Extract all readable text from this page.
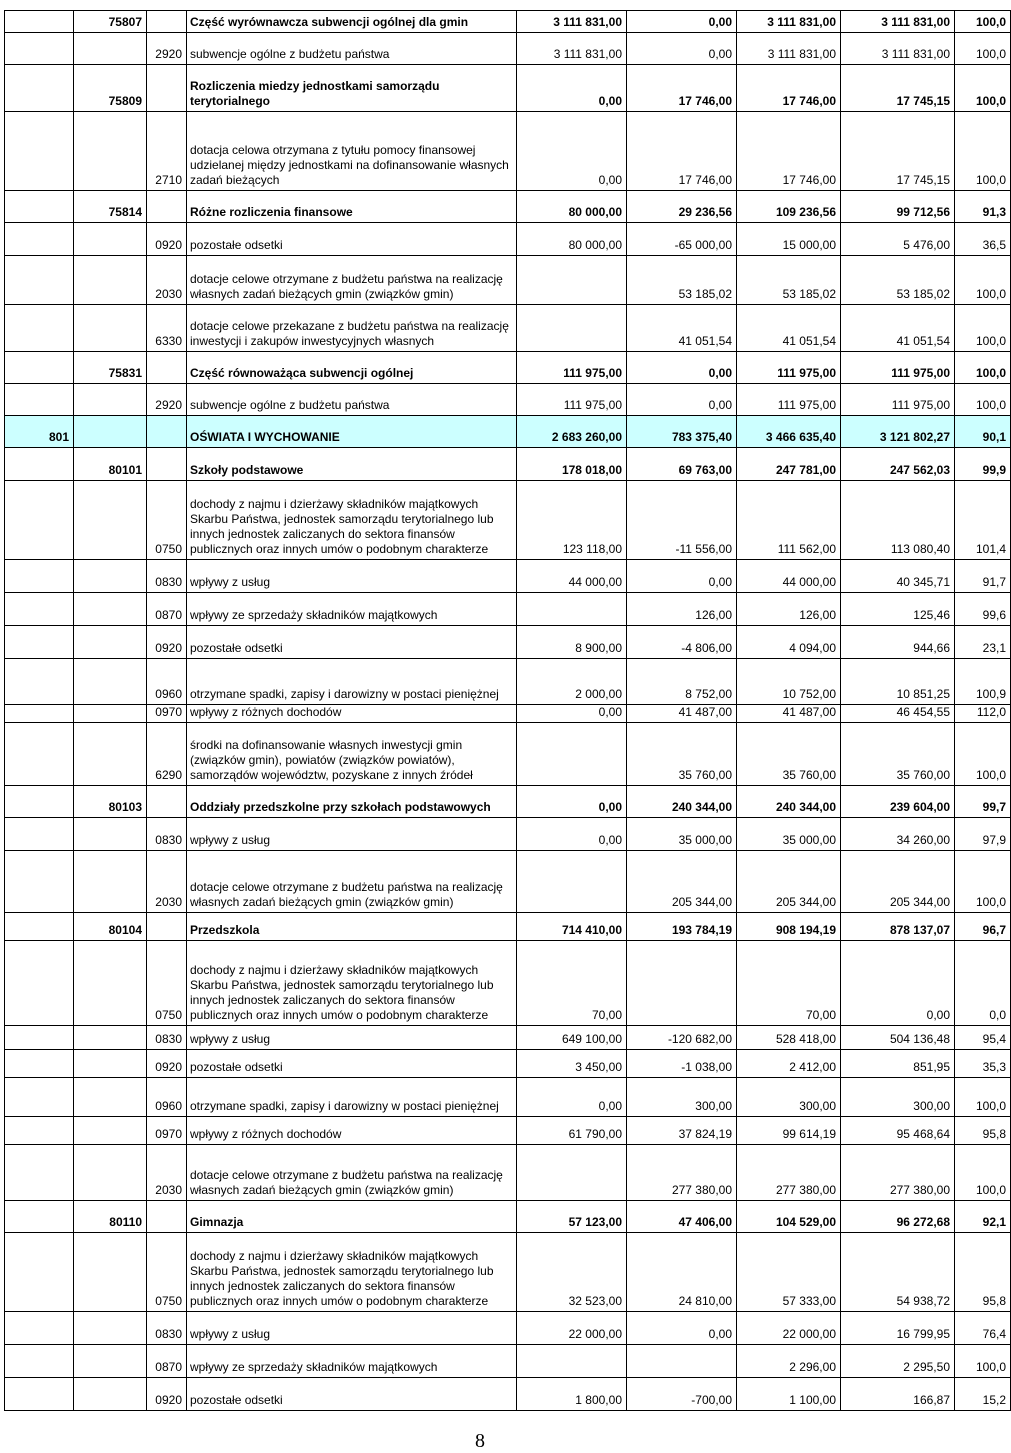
	75807		Część wyrównawcza subwencji ogólnej dla gmin	3 111 831,00	0,00	3 111 831,00	3 111 831,00	100,0
		2920	subwencje ogólne z budżetu państwa	3 111 831,00	0,00	3 111 831,00	3 111 831,00	100,0
	75809		Rozliczenia miedzy jednostkami samorządu terytorialnego	0,00	17 746,00	17 746,00	17 745,15	100,0
		2710	dotacja celowa otrzymana z tytułu pomocy finansowej udzielanej między jednostkami na dofinansowanie własnych zadań bieżących	0,00	17 746,00	17 746,00	17 745,15	100,0
	75814		Różne rozliczenia finansowe	80 000,00	29 236,56	109 236,56	99 712,56	91,3
		0920	pozostałe odsetki	80 000,00	-65 000,00	15 000,00	5 476,00	36,5
		2030	dotacje celowe otrzymane z budżetu państwa na realizację własnych zadań bieżących gmin (związków gmin)		53 185,02	53 185,02	53 185,02	100,0
		6330	dotacje celowe przekazane z budżetu państwa na realizację inwestycji i zakupów inwestycyjnych własnych		41 051,54	41 051,54	41 051,54	100,0
	75831		Część równoważąca subwencji ogólnej	111 975,00	0,00	111 975,00	111 975,00	100,0
		2920	subwencje ogólne z budżetu państwa	111 975,00	0,00	111 975,00	111 975,00	100,0
801			OŚWIATA I WYCHOWANIE	2 683 260,00	783 375,40	3 466 635,40	3 121 802,27	90,1
	80101		Szkoły podstawowe	178 018,00	69 763,00	247 781,00	247 562,03	99,9
		0750	dochody z najmu i dzierżawy składników majątkowych Skarbu Państwa, jednostek samorządu terytorialnego lub innych jednostek zaliczanych do sektora finansów publicznych oraz innych umów o podobnym charakterze	123 118,00	-11 556,00	111 562,00	113 080,40	101,4
		0830	wpływy z usług	44 000,00	0,00	44 000,00	40 345,71	91,7
		0870	wpływy ze sprzedaży składników majątkowych		126,00	126,00	125,46	99,6
		0920	pozostałe odsetki	8 900,00	-4 806,00	4 094,00	944,66	23,1
		0960	otrzymane spadki, zapisy i darowizny w postaci pieniężnej	2 000,00	8 752,00	10 752,00	10 851,25	100,9
		0970	wpływy z różnych dochodów	0,00	41 487,00	41 487,00	46 454,55	112,0
		6290	środki na dofinansowanie własnych inwestycji gmin (związków gmin), powiatów (związków powiatów), samorządów województw, pozyskane z innych źródeł		35 760,00	35 760,00	35 760,00	100,0
	80103		Oddziały przedszkolne przy szkołach podstawowych	0,00	240 344,00	240 344,00	239 604,00	99,7
		0830	wpływy z usług	0,00	35 000,00	35 000,00	34 260,00	97,9
		2030	dotacje celowe otrzymane z budżetu państwa na realizację własnych zadań bieżących gmin (związków gmin)		205 344,00	205 344,00	205 344,00	100,0
	80104		Przedszkola	714 410,00	193 784,19	908 194,19	878 137,07	96,7
		0750	dochody z najmu i dzierżawy składników majątkowych Skarbu Państwa, jednostek samorządu terytorialnego lub innych jednostek zaliczanych do sektora finansów publicznych oraz innych umów o podobnym charakterze	70,00		70,00	0,00	0,0
		0830	wpływy z usług	649 100,00	-120 682,00	528 418,00	504 136,48	95,4
		0920	pozostałe odsetki	3 450,00	-1 038,00	2 412,00	851,95	35,3
		0960	otrzymane spadki, zapisy i darowizny w postaci pieniężnej	0,00	300,00	300,00	300,00	100,0
		0970	wpływy z różnych dochodów	61 790,00	37 824,19	99 614,19	95 468,64	95,8
		2030	dotacje celowe otrzymane z budżetu państwa na realizację własnych zadań bieżących gmin (związków gmin)		277 380,00	277 380,00	277 380,00	100,0
	80110		Gimnazja	57 123,00	47 406,00	104 529,00	96 272,68	92,1
		0750	dochody z najmu i dzierżawy składników majątkowych Skarbu Państwa, jednostek samorządu terytorialnego lub innych jednostek zaliczanych do sektora finansów publicznych oraz innych umów o podobnym charakterze	32 523,00	24 810,00	57 333,00	54 938,72	95,8
		0830	wpływy z usług	22 000,00	0,00	22 000,00	16 799,95	76,4
		0870	wpływy ze sprzedaży składników majątkowych			2 296,00	2 295,50	100,0
		0920	pozostałe odsetki	1 800,00	-700,00	1 100,00	166,87	15,2
8
